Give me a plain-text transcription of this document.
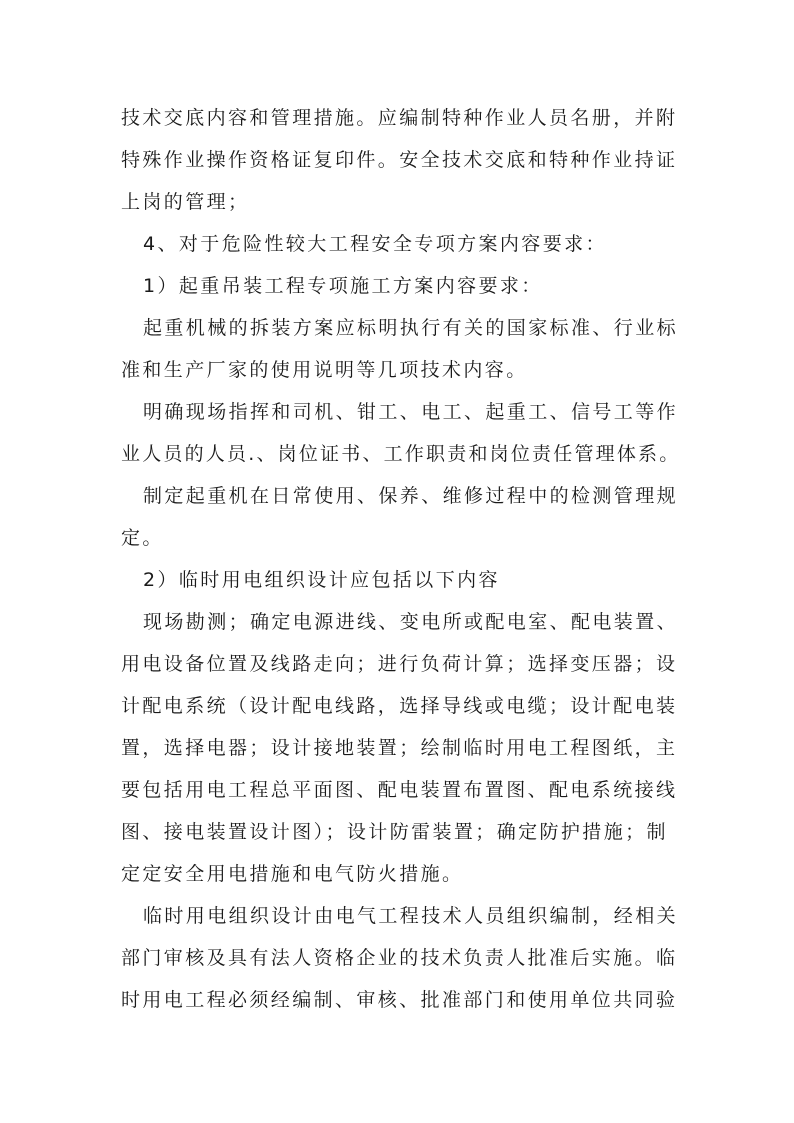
技术交底内容和管理措施。应编制特种作业人员名册，并附
特殊作业操作资格证复印件。安全技术交底和特种作业持证
上岗的管理；
4、对于危险性较大工程安全专项方案内容要求：
1）起重吊装工程专项施工方案内容要求：
起重机械的拆装方案应标明执行有关的国家标准、行业标
准和生产厂家的使用说明等几项技术内容。
明确现场指挥和司机、钳工、电工、起重工、信号工等作
业人员的人员.、岗位证书、工作职责和岗位责任管理体系。
制定起重机在日常使用、保养、维修过程中的检测管理规
定。
2）临时用电组织设计应包括以下内容
现场勘测；确定电源进线、变电所或配电室、配电装置、
用电设备位置及线路走向；进行负荷计算；选择变压器；设
计配电系统（设计配电线路，选择导线或电缆；设计配电装
置，选择电器；设计接地装置；绘制临时用电工程图纸，主
要包括用电工程总平面图、配电装置布置图、配电系统接线
图、接电装置设计图）；设计防雷装置；确定防护措施；制
定定安全用电措施和电气防火措施。
临时用电组织设计由电气工程技术人员组织编制，经相关
部门审核及具有法人资格企业的技术负责人批准后实施。临
时用电工程必须经编制、审核、批准部门和使用单位共同验
